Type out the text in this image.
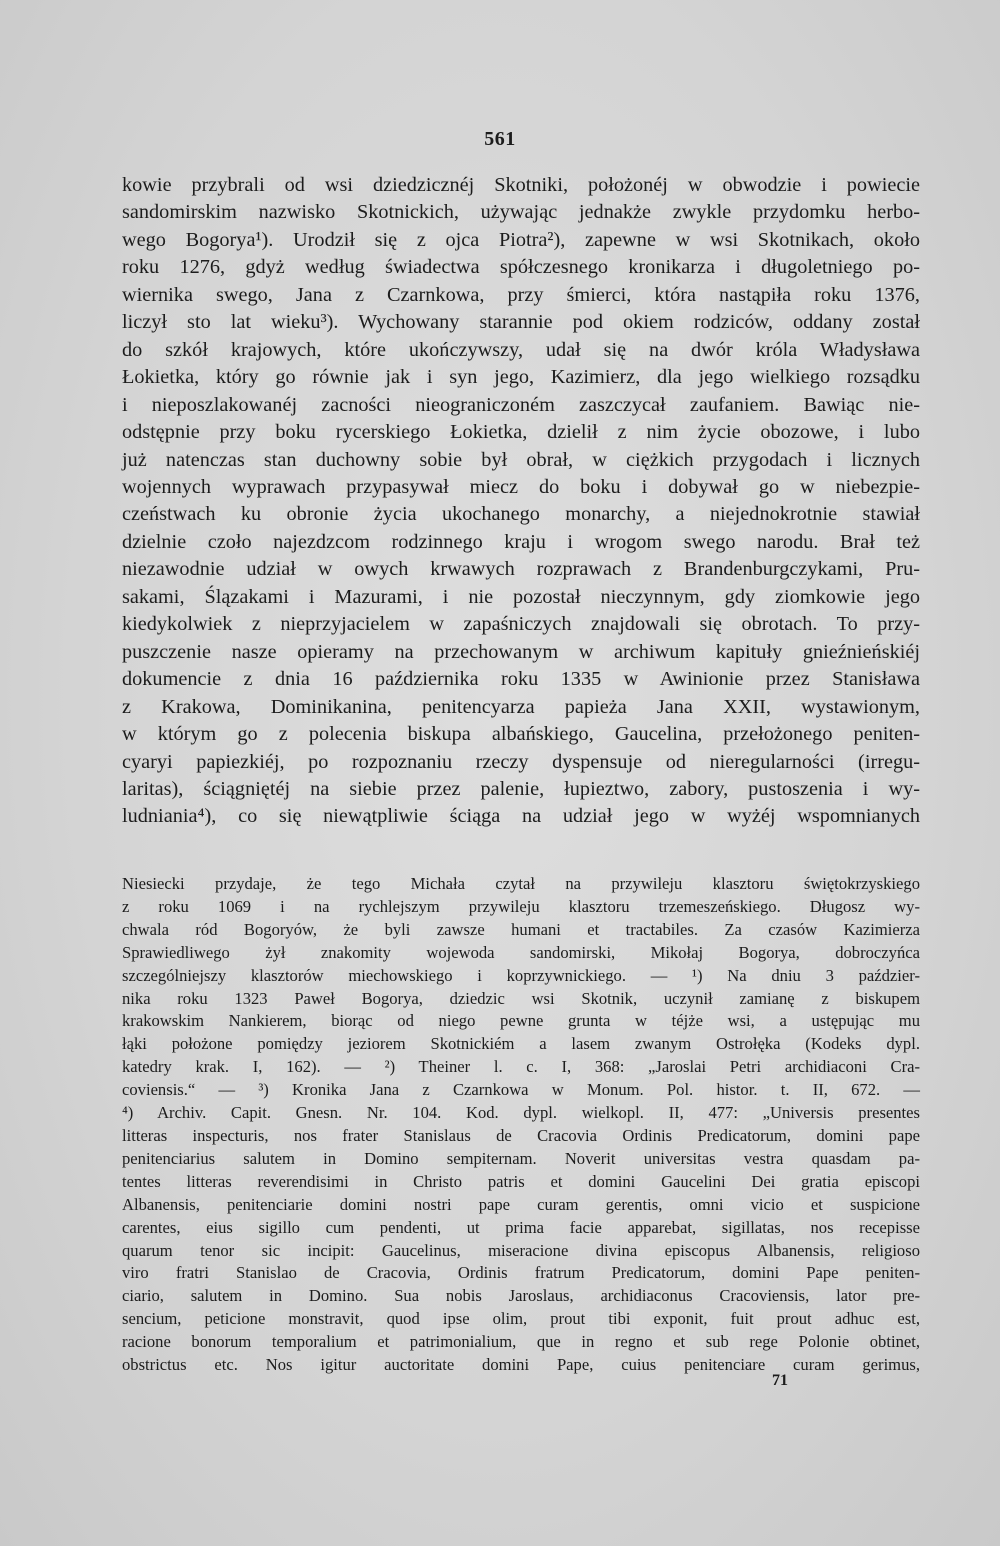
561
kowie przybrali od wsi dziedzicznéj Skotniki, położonéj w obwodzie i powiecie
sandomirskim nazwisko Skotnickich, używając jednakże zwykle przydomku herbo-
wego Bogorya¹). Urodził się z ojca Piotra²), zapewne w wsi Skotnikach, około
roku 1276, gdyż według świadectwa spółczesnego kronikarza i długoletniego po-
wiernika swego, Jana z Czarnkowa, przy śmierci, która nastąpiła roku 1376,
liczył sto lat wieku³). Wychowany starannie pod okiem rodziców, oddany został
do szkół krajowych, które ukończywszy, udał się na dwór króla Władysława
Łokietka, który go równie jak i syn jego, Kazimierz, dla jego wielkiego rozsądku
i nieposzlakowanéj zacności nieograniczoném zaszczycał zaufaniem. Bawiąc nie-
odstępnie przy boku rycerskiego Łokietka, dzielił z nim życie obozowe, i lubo
już natenczas stan duchowny sobie był obrał, w ciężkich przygodach i licznych
wojennych wyprawach przypasywał miecz do boku i dobywał go w niebezpie-
czeństwach ku obronie życia ukochanego monarchy, a niejednokrotnie stawiał
dzielnie czoło najezdzcom rodzinnego kraju i wrogom swego narodu. Brał też
niezawodnie udział w owych krwawych rozprawach z Brandenburgczykami, Pru-
sakami, Ślązakami i Mazurami, i nie pozostał nieczynnym, gdy ziomkowie jego
kiedykolwiek z nieprzyjacielem w zapaśniczych znajdowali się obrotach. To przy-
puszczenie nasze opieramy na przechowanym w archiwum kapituły gnieźnieńskiéj
dokumencie z dnia 16 października roku 1335 w Awinionie przez Stanisława
z Krakowa, Dominikanina, penitencyarza papieża Jana XXII, wystawionym,
w którym go z polecenia biskupa albańskiego, Gaucelina, przełożonego peniten-
cyaryi papiezkiéj, po rozpoznaniu rzeczy dyspensuje od nieregularności (irregu-
laritas), ściągniętéj na siebie przez palenie, łupieztwo, zabory, pustoszenia i wy-
ludniania⁴), co się niewątpliwie ściąga na udział jego w wyżéj wspomnianych
Niesiecki przydaje, że tego Michała czytał na przywileju klasztoru świętokrzyskiego
z roku 1069 i na rychlejszym przywileju klasztoru trzemeszeńskiego. Długosz wy-
chwala ród Bogoryów, że byli zawsze humani et tractabiles. Za czasów Kazimierza
Sprawiedliwego żył znakomity wojewoda sandomirski, Mikołaj Bogorya, dobroczyńca
szczególniejszy klasztorów miechowskiego i koprzywnickiego. — ¹) Na dniu 3 paździer-
nika roku 1323 Paweł Bogorya, dziedzic wsi Skotnik, uczynił zamianę z biskupem
krakowskim Nankierem, biorąc od niego pewne grunta w téjże wsi, a ustępując mu
łąki położone pomiędzy jeziorem Skotnickiém a lasem zwanym Ostrołęka (Kodeks dypl.
katedry krak. I, 162). — ²) Theiner l. c. I, 368: „Jaroslai Petri archidiaconi Cra-
coviensis.“ — ³) Kronika Jana z Czarnkowa w Monum. Pol. histor. t. II, 672. —
⁴) Archiv. Capit. Gnesn. Nr. 104. Kod. dypl. wielkopl. II, 477: „Universis presentes
litteras inspecturis, nos frater Stanislaus de Cracovia Ordinis Predicatorum, domini pape
penitenciarius salutem in Domino sempiternam. Noverit universitas vestra quasdam pa-
tentes litteras reverendisimi in Christo patris et domini Gaucelini Dei gratia episcopi
Albanensis, penitenciarie domini nostri pape curam gerentis, omni vicio et suspicione
carentes, eius sigillo cum pendenti, ut prima facie apparebat, sigillatas, nos recepisse
quarum tenor sic incipit: Gaucelinus, miseracione divina episcopus Albanensis, religioso
viro fratri Stanislao de Cracovia, Ordinis fratrum Predicatorum, domini Pape peniten-
ciario, salutem in Domino. Sua nobis Jaroslaus, archidiaconus Cracoviensis, lator pre-
sencium, peticione monstravit, quod ipse olim, prout tibi exponit, fuit prout adhuc est,
racione bonorum temporalium et patrimonialium, que in regno et sub rege Polonie obtinet,
obstrictus etc. Nos igitur auctoritate domini Pape, cuius penitenciare curam gerimus,
71
